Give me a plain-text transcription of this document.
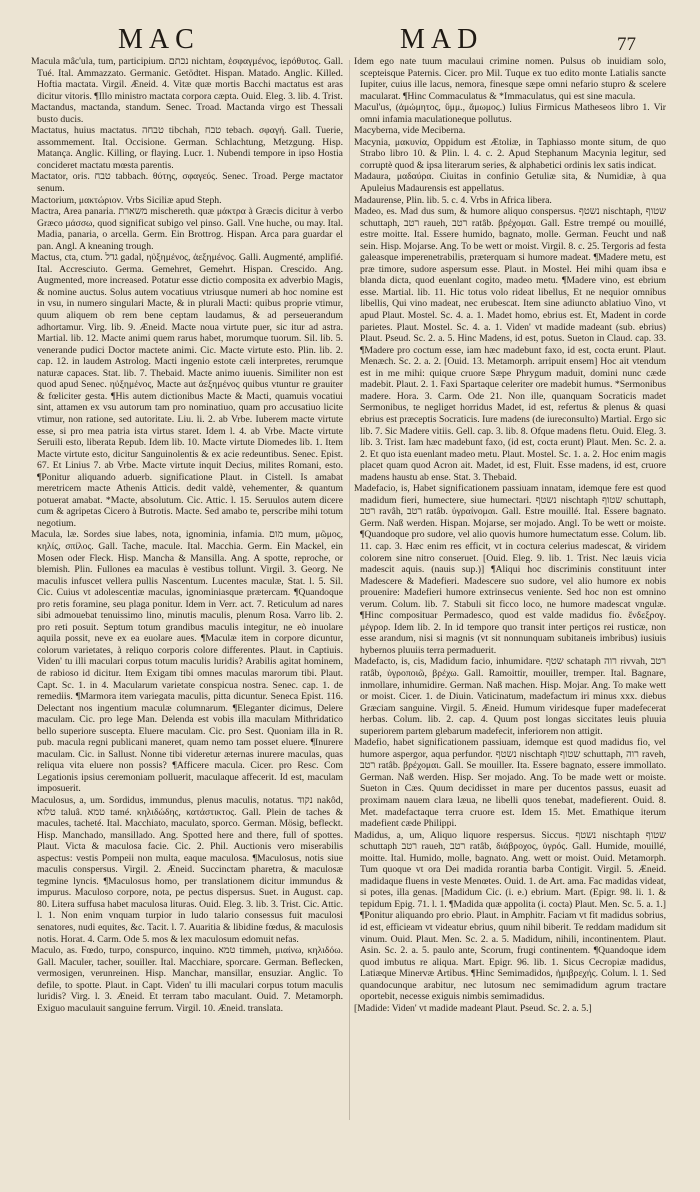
MAC	MAD	77

Macula mâc'ula, tum, participium. נכתם nichtam, ἐσφαγμένος, ἱερόθυτος. Gall. Tué. Ital. Ammazzato. Germanic. Getödtet. Hispan. Matado. Anglic. Killed. Hoftia mactata. Virgil. Æneid. 4. Vitæ quæ mortis Bacchi mactatus est aras dicitur vitoris. ¶Illo ministro mactata corpora cæpta. Ouid. Eleg. 3. lib. 4. Trist.

Mactandus, mactanda, standum. Senec. Troad. Mactanda virgo est Thessali busto ducis.

Mactatus, huius mactatus. טבחה tibchah, טבח tebach. σφαγή. Gall. Tuerie, assommement. Ital. Occisione. German. Schlachtung, Metzgung. Hisp. Matança. Anglic. Killing, or flaying. Lucr. 1. Nubendi tempore in ipso Hostia concideret mactatu mœsta parentis.

Mactator, oris. טבח tabbach. θύτης, σφαγεύς. Senec. Troad. Perge mactator senum.

Mactorium, μακτώριον. Vrbs Siciliæ apud Steph.

Mactra, Area panaria. משארת mischereth. quæ μάκτρα à Græcis dicitur à verbo Græco μάσσω, quod significat subigo vel pinso. Gall. Vne huche, ou may. Ital. Madia, panaria, o arcella. Germ. Ein Brottrog. Hispan. Arca para guardar el pan. Angl. A kneaning trough.

Mactus, cta, ctum. גדל gadal, ηὐξημένος, ἀεξημένος. Galli. Augmenté, amplifié. Ital. Accresciuto. Germa. Gemehret, Gemehrt. Hispan. Crescido. Ang. Augmented, more increased. Potatur esse dictio composita ex adverbio Magis, & nomine auctus. Solus autem vocatiuus vtriusque numeri ab hoc nomine est in vsu, in numero singulari Macte, & in plurali Macti: quibus proprie vtimur, quum aliquem ob rem bene ceptam laudamus, & ad perseuerandum adhortamur. Virg. lib. 9. Æneid. Macte noua virtute puer, sic itur ad astra. Martial. lib. 12. Macte animi quem rarus habet, morumque tuorum. Sil. lib. 5. venerande pudici Doctor mactete animi. Cic. Macte virtute esto. Plin. lib. 2. cap. 12. in laudem Astrolog. Macti ingenio estote cæli interpretes, rerumque naturæ capaces. Stat. lib. 7. Thebaid. Macte animo iuuenis. Similiter non est quod apud Senec. ηὐξημένος, Macte aut ἀεξημένος quibus vtuntur re grauiter & fœliciter gesta. ¶His autem dictionibus Macte & Macti, quamuis vocatiui sint, attamen ex vsu autorum tam pro nominatiuo, quam pro accusatiuo licite vtimur, non ratione, sed autoritate. Liu. li. 2. ab Vrbe. Iuberem macte virtute esse, si pro mea patria ista virtus staret. Idem l. 4. ab Vrbe. Macte virtute Seruili esto, liberata Repub. Idem lib. 10. Macte virtute Diomedes lib. 1. Item Macte virtute esto, dicitur Sanguinolentis & ex acie redeuntibus. Senec. Epist. 67. Et Linius 7. ab Vrbe. Macte virtute inquit Decius, milites Romani, esto. ¶Ponitur aliquando aduerb. significatione Plaut. in Cistell. Is amabat meretricem macte Athenis Atticis. dedit valdè, vehementer, & quantum potuerat amabat. *Macte, absolutum. Cic. Attic. l. 15. Seruulos autem dicere cum & agripetas Cicero à Butrotis. Macte. Sed amabo te, perscribe mihi totum negotium.

Macula, læ. Sordes siue labes, nota, ignominia, infamia. מום mum, μῶμος, κηλίς, σπίλος. Gall. Tache, macule. Ital. Macchia. Germ. Ein Mackel, ein Mosen oder Fleck. Hisp. Mancha & Mansilla. Ang. A spotte, reproche, or blemish. Plin. Fullones ea maculas è vestibus tollunt. Virgil. 3. Georg. Ne maculis infuscet vellera pullis Nascentum. Lucentes maculæ, Stat. l. 5. Sil. Cic. Cuius vt adolescentiæ maculas, ignominiasque prætercam. ¶Quandoque pro retis foramine, seu plaga ponitur. Idem in Verr. act. 7. Reticulum ad nares sibi admouebat tenuissimo lino, minutis maculis, plenum Rosa. Varro lib. 2. pro reti posuit. Septum totum grandibus maculis integitur, ne eò inuolare aquila possit, neve ex ea euolare aues. ¶Maculæ item in corpore dicuntur, colorum varietates, à reliquo corporis colore differentes. Plaut. in Captiuis. Viden' tu illi maculari corpus totum maculis luridis? Arabilis agitat hominem, de rabioso id dicitur. Item Exigam tibi omnes maculas marorum tibi. Plaut. Capt. Sc. 1. in 4. Macularum varietate conspicua nostra. Senec. cap. 1. de remediis. ¶Marmora item variegata maculis, pitta dicuntur. Seneca Epist. 116. Delectant nos ingentium maculæ columnarum. ¶Eleganter dicimus, Delere maculam. Cic. pro lege Man. Delenda est vobis illa maculam Mithridatico bello superiore suscepta. Eluere maculam. Cic. pro Sest. Quoniam illa in R. pub. macula regni publicani maneret, quam nemo tam posset eluere. ¶Inurere maculam. Cic. in Sallust. Nonne tibi videretur æternas inurere maculas, quas reliqua vita eluere non possis? ¶Afficere macula. Cicer. pro Resc. Com Legationis ipsius ceremoniam polluerit, maculaque affecerit. Id est, maculam imposuerit.

Maculosus, a, um. Sordidus, immundus, plenus maculis, notatus. נקוד nakôd, טלוא taluâ. טמא tamé. κηλιδώδης, κατάστικτος. Gall. Plein de taches & macules, tacheté. Ital. Macchiato, maculato, sporco. German. Mösig, befleckt. Hisp. Manchado, mansillado. Ang. Spotted here and there, full of spottes. Plaut. Victa & maculosa facie. Cic. 2. Phil. Auctionis vero miserabilis aspectus: vestis Pompeii non multa, eaque maculosa. ¶Maculosus, notis siue maculis conspersus. Virgil. 2. Æneid. Succinctam pharetra, & maculosæ tegmine lyncis. ¶Maculosus homo, per translationem dicitur immundus & impurus. Maculoso corpore, nota, pe pectus dispersus. Suet. in August. cap. 80. Litera suffusa habet maculosa lituras. Ouid. Eleg. 3. lib. 3. Trist. Cic. Attic. l. 1. Non enim vnquam turpior in ludo talario consessus fuit maculosi senatores, nudi equites, &c. Tacit. l. 7. Auaritia & libidine fœdus, & maculosis notis. Horat. 4. Carm. Ode 5. mos & lex maculosum edomuit nefas.

Maculo, as. Fœdo, turpo, conspurco, inquino. טמא timmeh, μιαίνω, κηλιδόω. Gall. Maculer, tacher, souiller. Ital. Macchiare, sporcare. German. Beflecken, vermosigen, verunreinen. Hisp. Manchar, mansillar, ensuziar. Anglic. To defile, to spotte. Plaut. in Capt. Viden' tu illi maculari corpus totum maculis luridis? Virg. l. 3. Æneid. Et terram tabo maculant. Ouid. 7. Metamorph. Exiguo maculauit sanguine ferrum. Virgil. 10. Æneid. translata.

Idem ego nate tuum maculaui crimine nomen. Pulsus ob inuidiam solo, scepteisque Paternis. Cicer. pro Mil. Tuque ex tuo edito monte Latialis sancte Iupiter, cuius ille lacus, nemora, finesque sæpe omni nefario stupro & scelere macularat. ¶Hinc Commaculatus & *Immaculatus, qui est sine macula.

Macul'us, (ἀμώμητος, ὕμμ., ἄμωμος.) Iulius Firmicus Matheseos libro 1. Vir omni infamia maculationeque pollutus.

Macyberna, vide Meciberna.

Macynia, μακυνία, Oppidum est Ætoliæ, in Taphiasso monte situm, de quo Strabo libro 10. & Plin. l. 4. c. 2. Apud Stephanum Macynia legitur, sed corruptè quod & ipsa literarum series, & alphabetici ordinis lex satis indicat.

Madaura, μαδαύρα. Ciuitas in confinio Getuliæ sita, & Numidiæ, à qua Apuleius Madaurensis est appellatus.

Madaurense, Plin. lib. 5. c. 4. Vrbs in Africa libera.

Madeo, es. Mad dus sum, & humore aliquo conspersus. נשטף nischtaph, שטוף schuttaph, רטב raueh, רטב ratâb. βρέχομαι. Gall. Estre trempé ou mouillé, estre moitte. Ital. Essere humido, bagnato, molle. German. Feucht und naß sein. Hisp. Mojarse. Ang. To be wett or moist. Virgil. 8. c. 25. Tergoris ad festa galeasque imperenetrabilis, præterquam si humore madeat. ¶Madere metu, est præ timore, sudore aspersum esse. Plaut. in Mostel. Hei mihi quam ibsa e blanda dicta, quod euenlant cogito, madeo metu. ¶Madere vino, est ebrium esse. Martial. lib. 11. Hic totus volo rideat libellus, Et ne nequior omnibus libellis, Qui vino madeat, nec erubescat. Item sine adiuncto ablatiuo Vino, vt apud Plaut. Mostel. Sc. 4. a. 1. Madet homo, ebrius est. Et, Madent in corde parietes. Plaut. Mostel. Sc. 4. a. 1. Viden' vt madide madeant (sub. ebrius) Plaut. Pseud. Sc. 2. a. 5. Hinc Madens, id est, potus. Sueton in Claud. cap. 33. ¶Madere pro coctum esse, iam hæc madebunt faxo, id est, cocta erunt. Plaut. Menæch. Sc. 2. a. 2. [Ouid. 13. Metamorph. arripuit ensem] Hoc ait vtendum est in me mihi: quique cruore Sæpe Phrygum maduit, domini nunc cæde madebit. Plaut. 2. 1. Faxi Spartaque celeriter ore madebit humus. *Sermonibus madere. Hora. 3. Carm. Ode 21. Non ille, quanquam Socraticis madet Sermonibus, te negliget horridus Madet, id est, refertus & plenus & quasi ebrius est præceptis Socraticis. Iure madens (de iureconsulto) Martial. Ergo sic lib. 7. Sic Madere vitiis. Gell. cap. 3. lib. 8. Ofque madens fletu. Ouid. Eleg. 3. lib. 3. Trist. Iam hæc madebunt faxo, (id est, cocta erunt) Plaut. Men. Sc. 2. a. 2. Et quo ista euenlant madeo metu. Plaut. Mostel. Sc. 1. a. 2. Hoc enim magis placet quam quod Acron ait. Madet, id est, Fluit. Esse madens, id est, cruore madens haustu ab ense. Stat. 3. Thebaid.

Madefacio, is, Habet significationem passiuam innatam, idemque fere est quod madidum fieri, humectere, siue humectari. נשטף nischtaph שטוף schuttaph, רטב ravâh, רטב ratâb. ὑγραίνομαι. Gall. Estre mouillé. Ital. Essere bagnato. Germ. Naß werden. Hispan. Mojarse, ser mojado. Angl. To be wett or moiste. ¶Quandoque pro sudore, vel alio quovis humore humectatum esse. Colum. lib. 11. cap. 3. Hæc enim res efficit, vt in coctura celerius madescat, & viridem colorem sine nitro conseruet. [Ouid. Eleg. 9. lib. 1. Trist. Nec læuis vicia madescit aquis. (nauis sup.)] ¶Aliqui hoc discriminis constituunt inter Madescere & Madefieri. Madescere suo sudore, vel alio humore ex nobis prouenire: Madefieri humore extrinsecus veniente. Sed hoc non est omnino verum. Colum. lib. 7. Stabuli sit ficco loco, ne humore madescat vngulæ. ¶Hinc composituar Permadesco, quod est valde madidus fio. ἔνδεξρογ. μέγρορ. Idem lib. 2. In id tempore quo transit inter pertiços rei rusticæ, non esse arandum, nisi si magnis (vt sit nonnunquam subitaneis imbribus) iusiuis hybernos pluuiis terra permaduerit.

Madefacto, is, cis, Madidum facio, inhumidare. שטף schataph רוה rivvah, רטב ratâb, ὑγροποιῶ, βρέχω. Gall. Ramoittir, mouiller, tremper. Ital. Bagnare, inmollare, inhumidire. German. Naß machen. Hisp. Mojar. Ang. To make wett or moist. Cicer. 1. de Diuin. Vaticinatum, madefactum iri minus xxx. diebus Græciam sanguine. Virgil. 5. Æneid. Humum viridesque fuper madefecerat herbas. Colum. lib. 2. cap. 4. Quum post longas siccitates leuis pluuia superiorem partem glebarum madefecit, inferiorem non attigit.

Madefio, habet significationem passiuam, idemque est quod madidus fio, vel humore aspergor, aqua perfundor. נשטף nischtaph שטוף schuttaph, רוה raveh, רטב ratâb. βρέχομαι. Gall. Se mouiller. Ita. Essere bagnato, essere immollato. German. Naß werden. Hisp. Ser mojado. Ang. To be made wett or moiste. Sueton in Cæs. Quum decidisset in mare per ducentos passus, euasit ad proximam nauem clara læua, ne libelli quos tenebat, madefierent. Ouid. 8. Met. madefactaque terra cruore est. Idem 15. Met. Emathique iterum madefient cæde Philippi.

Madidus, a, um, Aliquo liquore respersus. Siccus. נשטף nischtaph שטוף schuttaph רטב raueh, רטב ratâb, διάβροχος, ὑγρός. Gall. Humide, mouillé, moitte. Ital. Humido, molle, bagnato. Ang. wett or moist. Ouid. Metamorph. Tum quoque vt ora Dei madida rorantia barba Contigit. Virgil. 5. Æneid. madidaque fluens in veste Menœtes. Ouid. 1. de Art. ama. Fac madidas videat, si potes, illa genas. [Madidum Cic. (i. e.) ebrium. Mart. (Epigr. 98. li. 1. & tepidum Epig. 71. l. 1. ¶Madida quæ appolita (i. cocta) Plaut. Men. Sc. 5. a. 1.] ¶Ponitur aliquando pro ebrio. Plaut. in Amphitr. Faciam vt fit madidus sobrius, id est, efficieam vt videatur ebrius, quum nihil biberit. Te reddam madidum sit vinum. Ouid. Plaut. Men. Sc. 2. a. 5. Madidum, nihili, incontinentem. Plaut. Asin. Sc. 2. a. 5. paulo ante, Scorum, frugi continentem. ¶Quandoque idem quod imbutus re aliqua. Mart. Epigr. 96. lib. 1. Sicus Cecropiæ madidus, Latiæque Minervæ Artibus. ¶Hinc Semimadidos, ἡμιβρεχής. Colum. l. 1. Sed quandocunque arabitur, nec lutosum nec semimadidum agrum tractare oportebit, necesse exiguis nimbis semimadidus.

[Madide: Viden' vt madide madeant Plaut. Pseud. Sc. 2. a. 5.]
